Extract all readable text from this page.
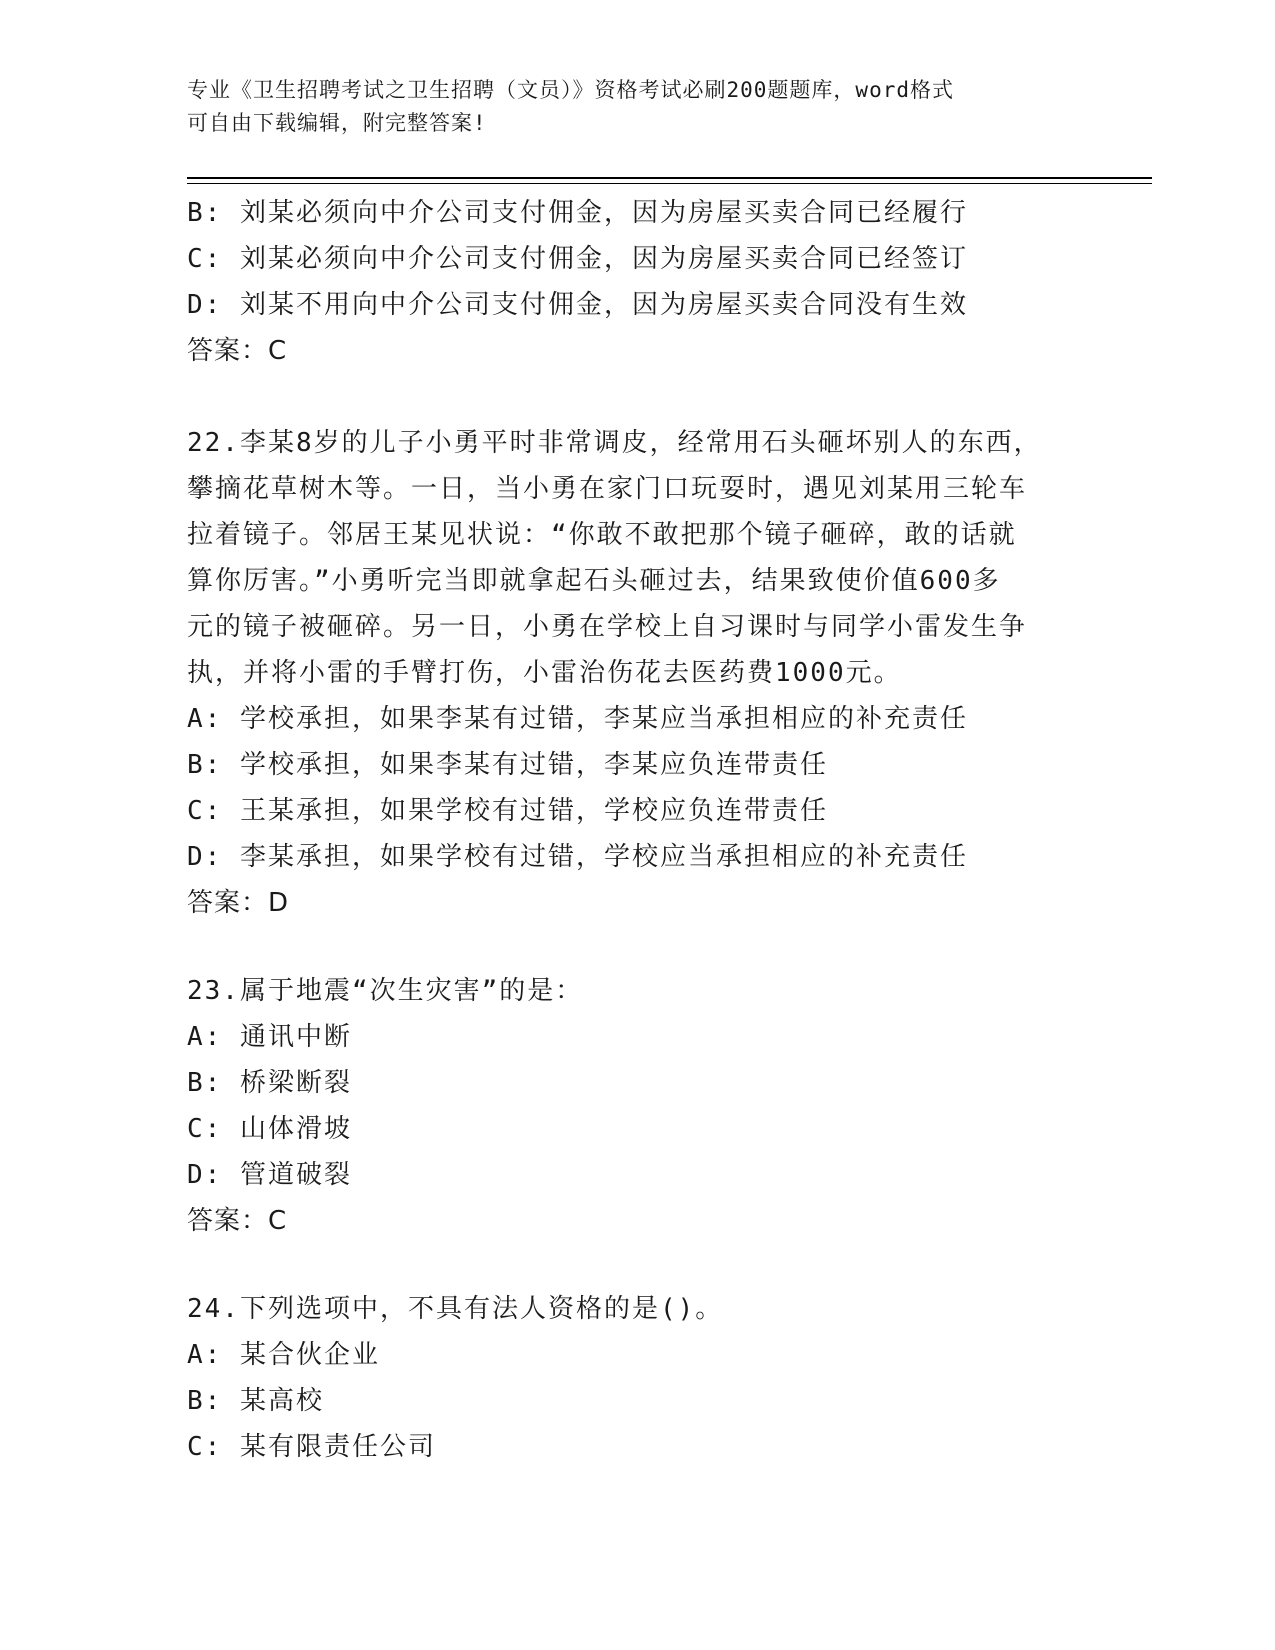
专业《卫生招聘考试之卫生招聘（文员）》资格考试必刷200题题库，word格式
可自由下载编辑，附完整答案!
B: 刘某必须向中介公司支付佣金，因为房屋买卖合同已经履行
C: 刘某必须向中介公司支付佣金，因为房屋买卖合同已经签订
D: 刘某不用向中介公司支付佣金，因为房屋买卖合同没有生效
答案：C
22.李某8岁的儿子小勇平时非常调皮，经常用石头砸坏别人的东西，
攀摘花草树木等。一日，当小勇在家门口玩耍时，遇见刘某用三轮车
拉着镜子。邻居王某见状说：“你敢不敢把那个镜子砸碎，敢的话就
算你厉害。”小勇听完当即就拿起石头砸过去，结果致使价值600多
元的镜子被砸碎。另一日，小勇在学校上自习课时与同学小雷发生争
执，并将小雷的手臂打伤，小雷治伤花去医药费1000元。
A: 学校承担，如果李某有过错，李某应当承担相应的补充责任
B: 学校承担，如果李某有过错，李某应负连带责任
C: 王某承担，如果学校有过错，学校应负连带责任
D: 李某承担，如果学校有过错，学校应当承担相应的补充责任
答案：D
23.属于地震“次生灾害”的是：
A: 通讯中断
B: 桥梁断裂
C: 山体滑坡
D: 管道破裂
答案：C
24.下列选项中，不具有法人资格的是()。
A: 某合伙企业
B: 某高校
C: 某有限责任公司
